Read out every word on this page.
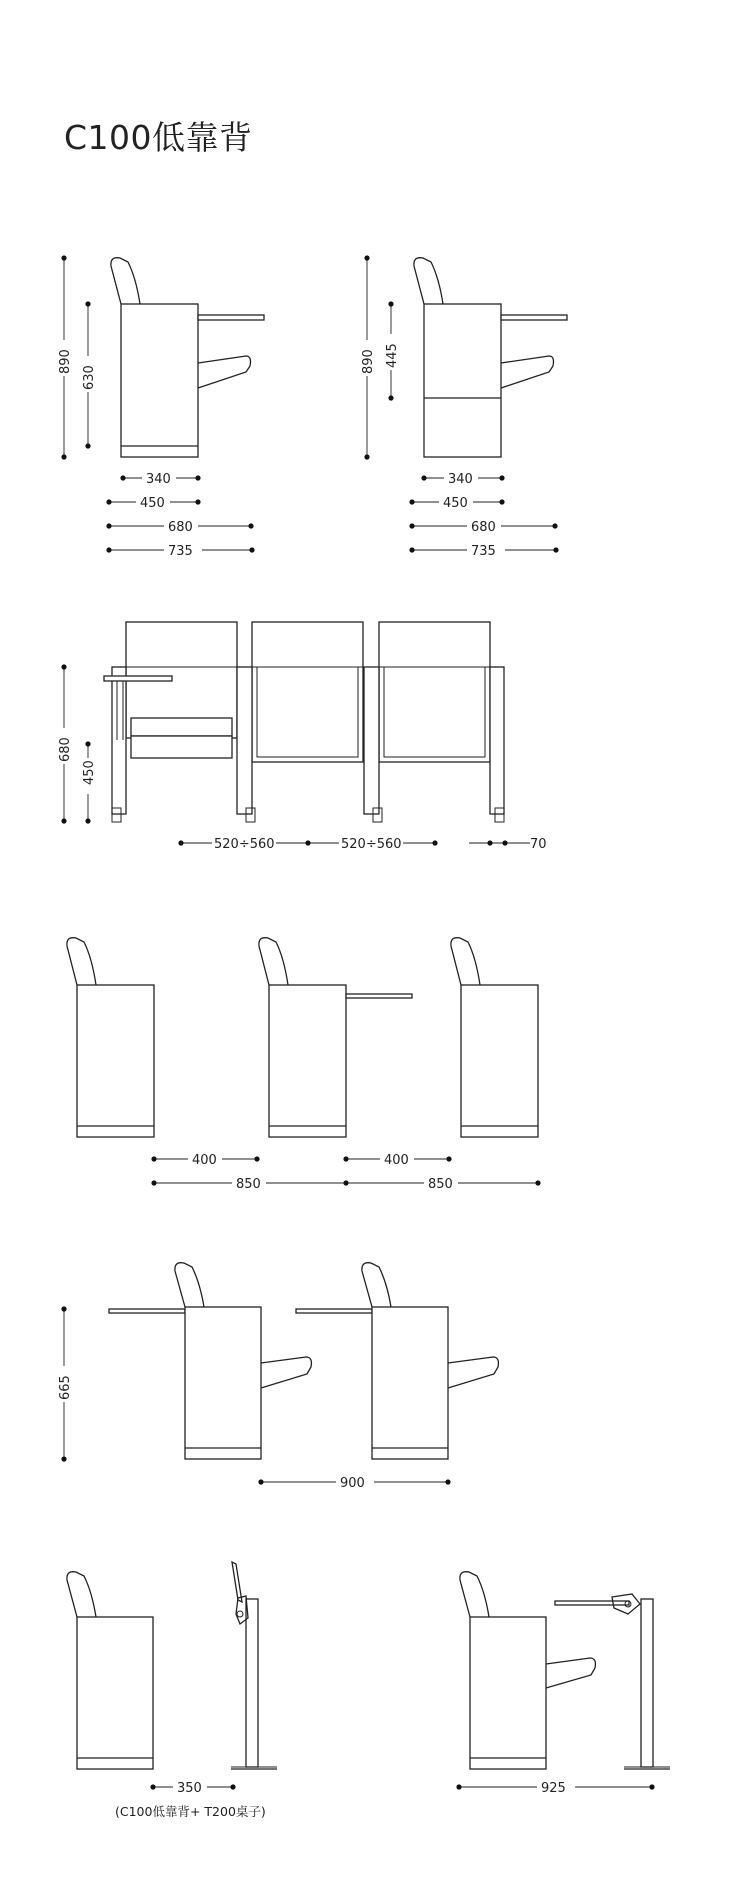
C100低靠背
890
630
340
450
680
735
890 445
340
450
680
735
680
450
520÷560	520÷560	70
400	400
850	850
665
900
350
(C100低靠背+ T200桌子)
925
